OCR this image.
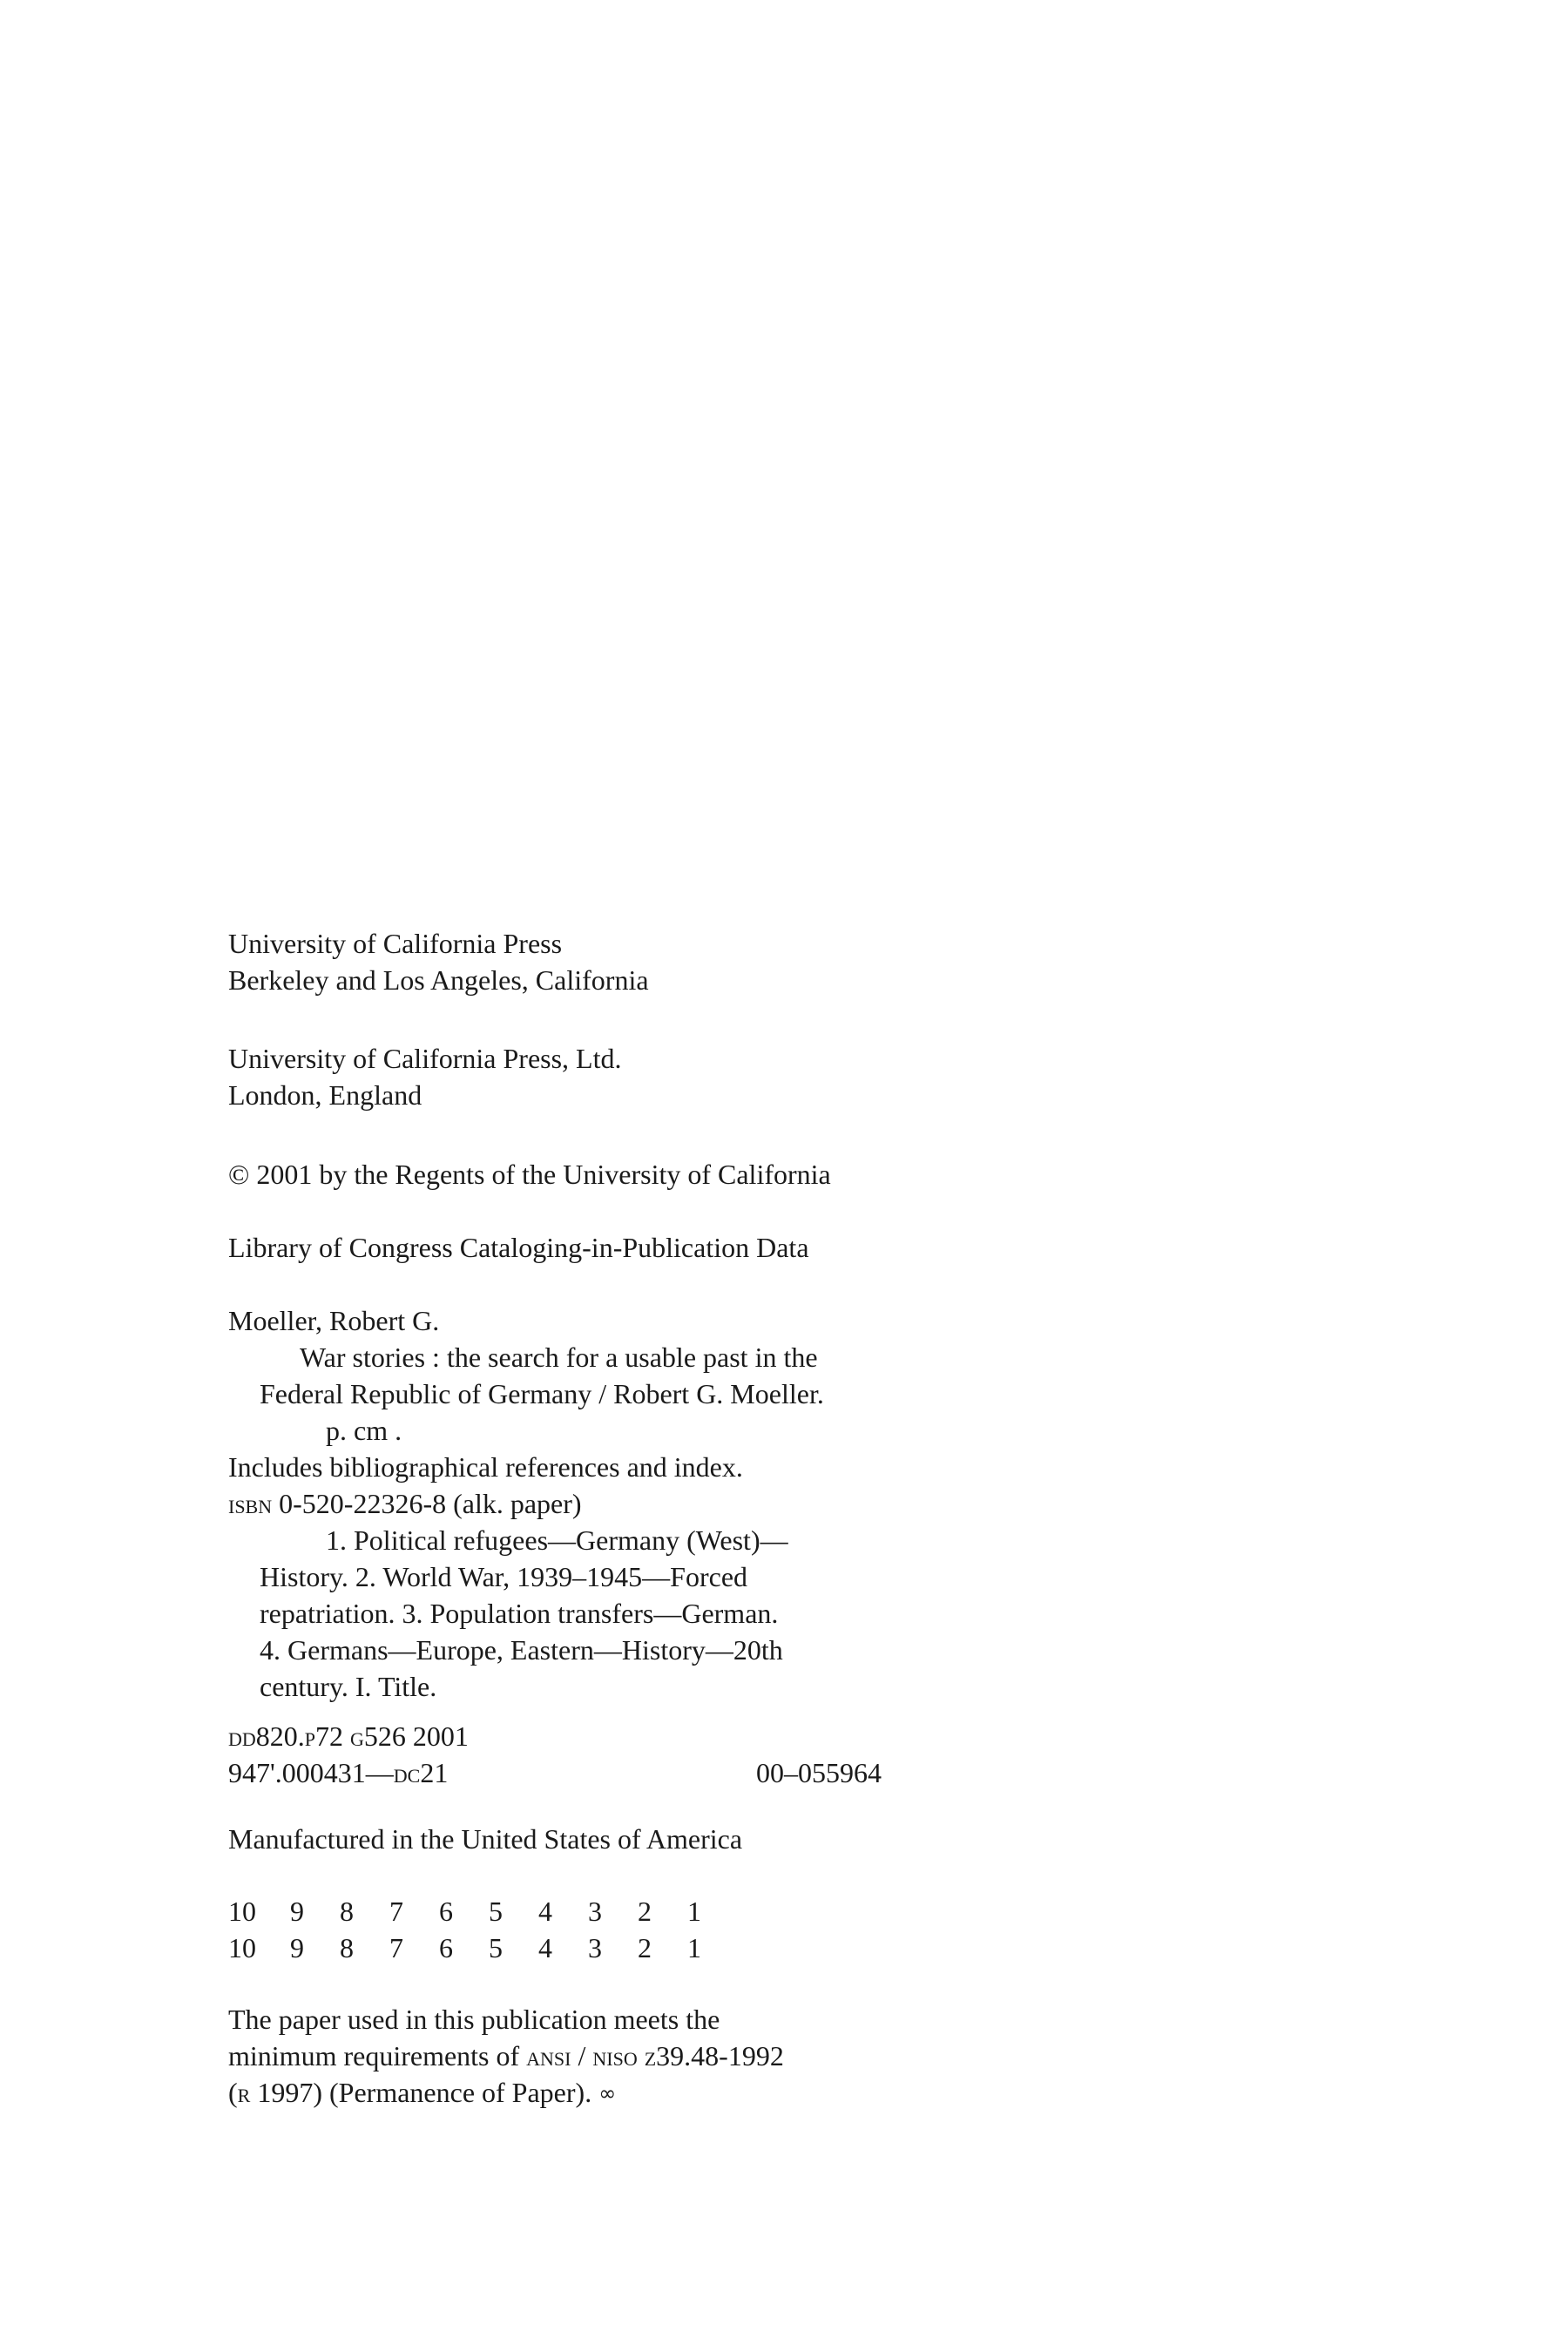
University of California Press
Berkeley and Los Angeles, California
University of California Press, Ltd.
London, England
© 2001 by the Regents of the University of California
Library of Congress Cataloging-in-Publication Data
Moeller, Robert G.
War stories : the search for a usable past in the
Federal Republic of Germany / Robert G. Moeller.
p. cm .
Includes bibliographical references and index.
isbn 0-520-22326-8 (alk. paper)
1. Political refugees—Germany (West)—
History. 2. World War, 1939–1945—Forced
repatriation. 3. Population transfers—German.
4. Germans—Europe, Eastern—History—20th
century. I. Title.
dd820.p72 g526 2001
947'.000431—dc21	00–055964
Manufactured in the United States of America
10	9	8	7	6	5	4	3	2	1
10	9	8	7	6	5	4	3	2	1
The paper used in this publication meets the
minimum requirements of ansi / niso z39.48-1992
(r 1997) (Permanence of Paper). ∞
